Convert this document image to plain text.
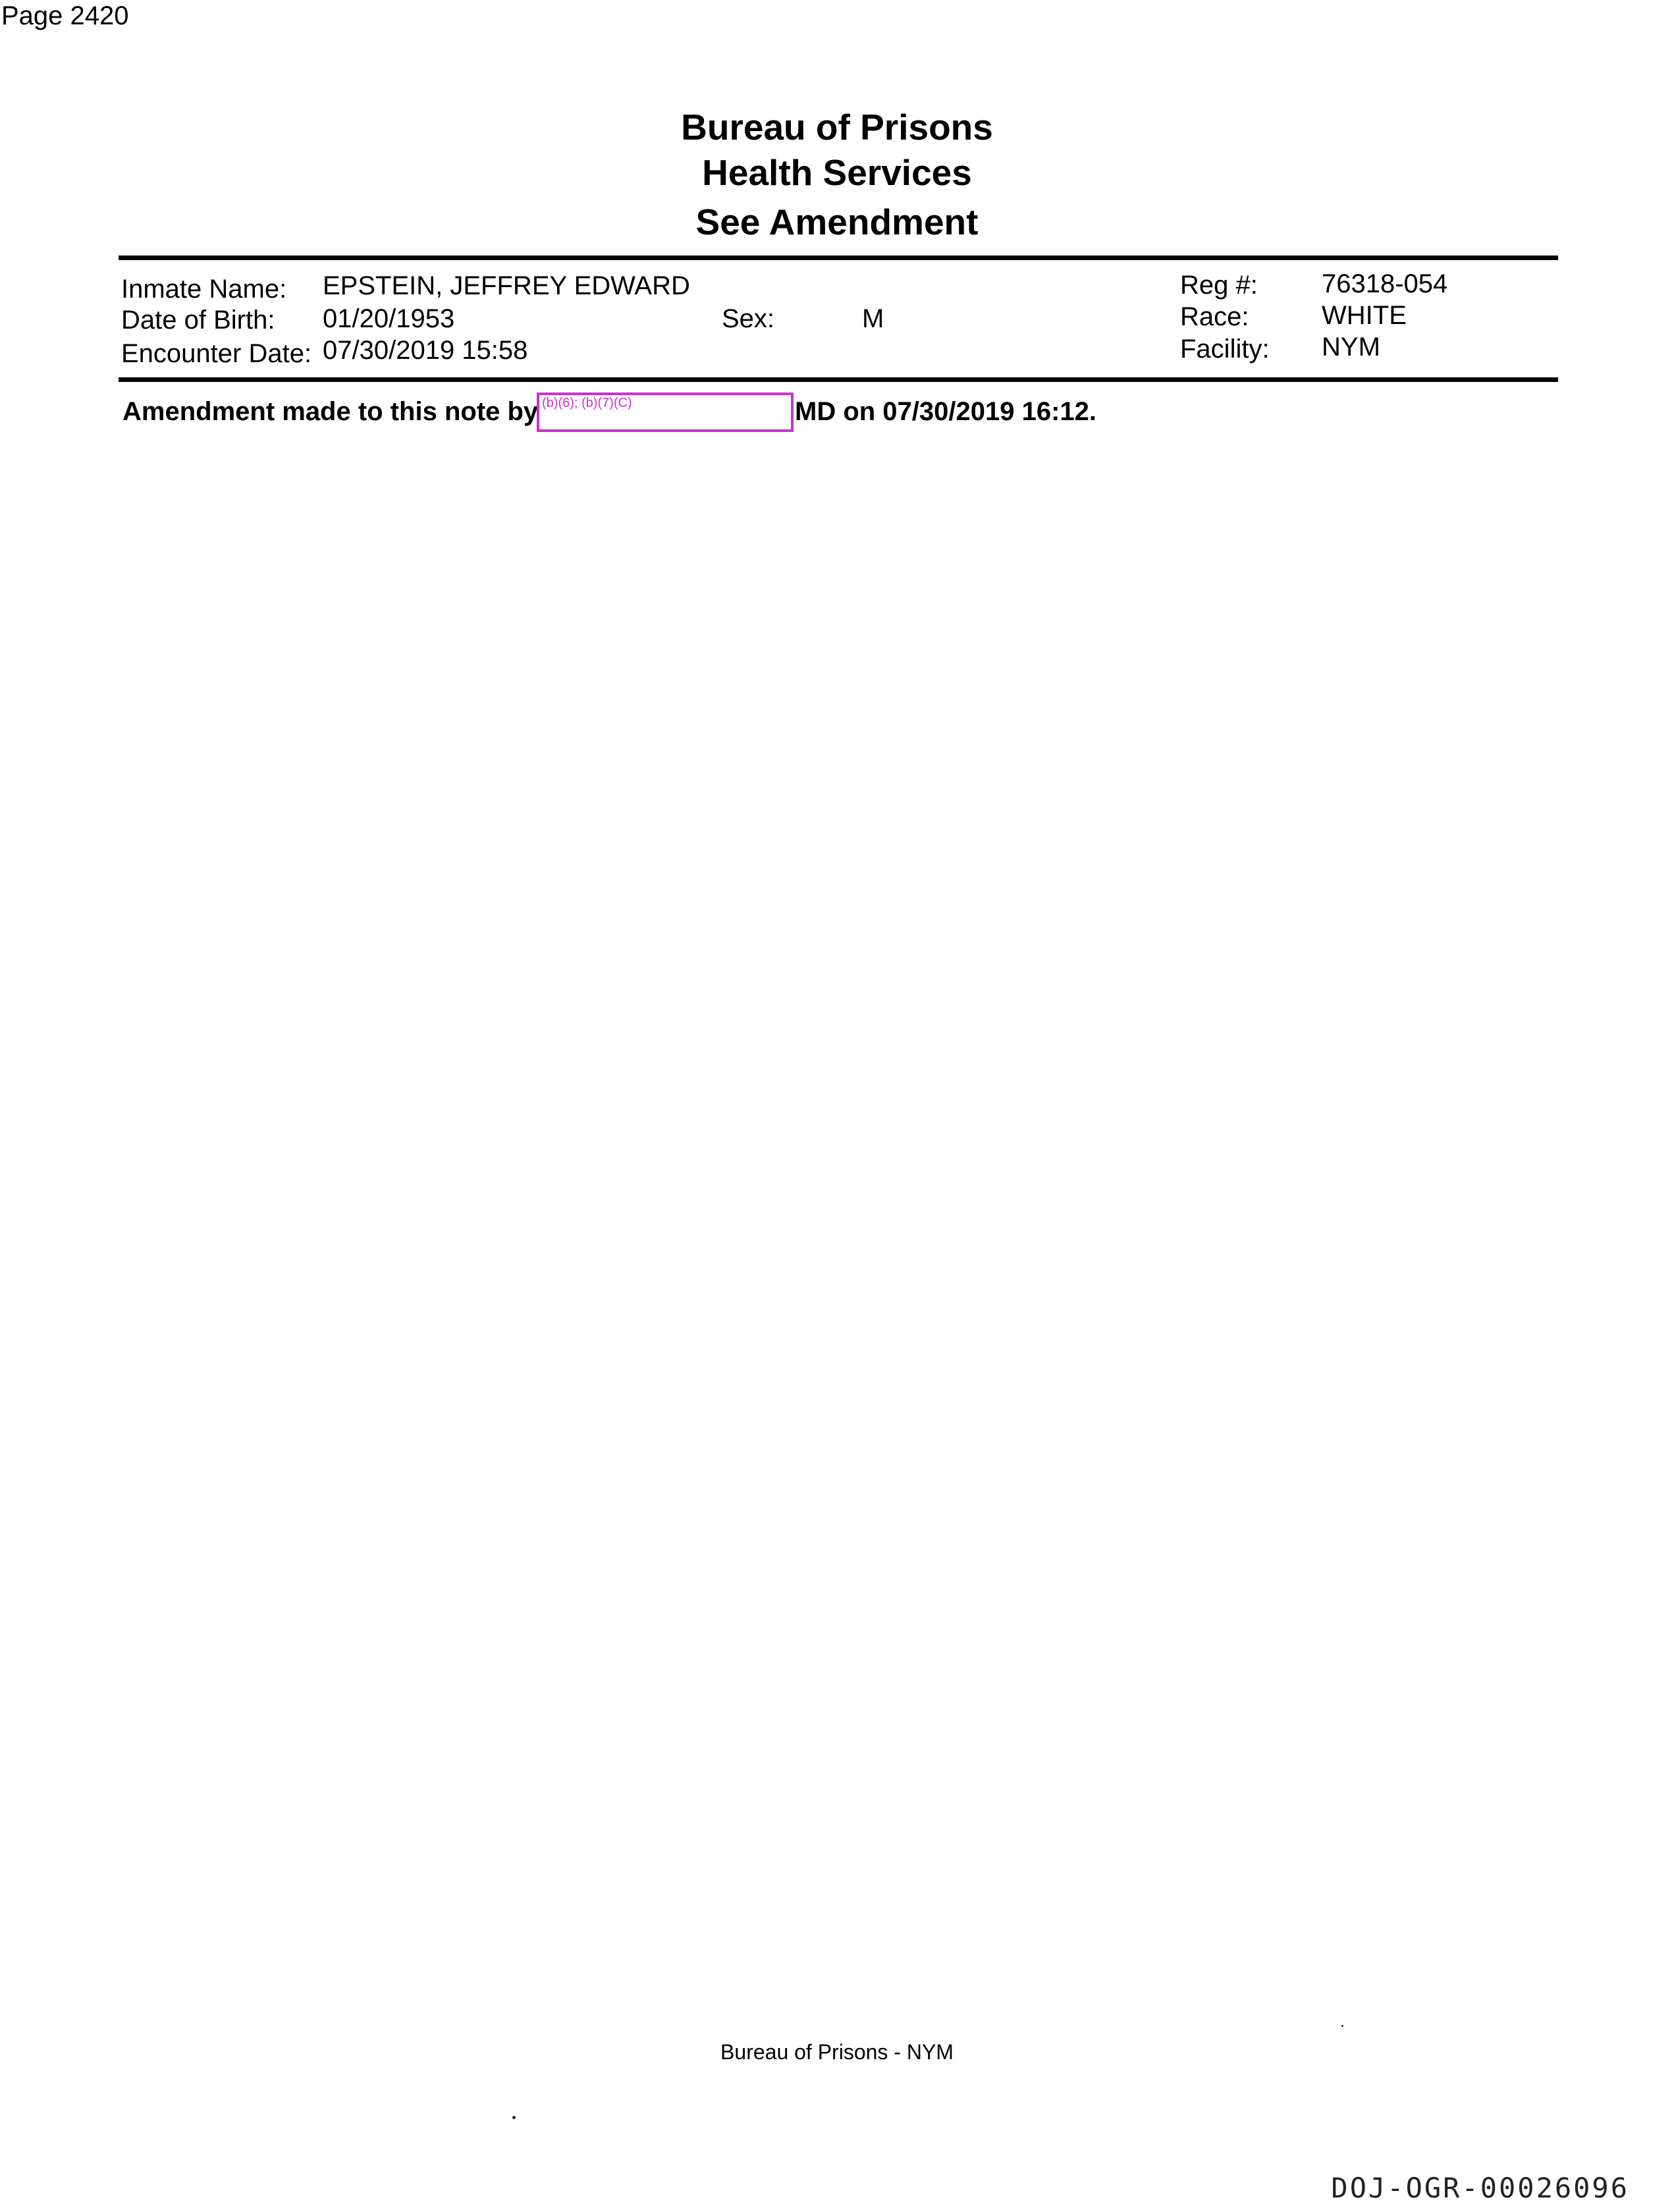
Page 2420
Bureau of Prisons
Health Services
See Amendment
Inmate Name: EPSTEIN, JEFFREY EDWARD
Date of Birth: 01/20/1953
Encounter Date: 07/30/2019 15:58
Sex:	M
Reg #: 76318-054
Race:	WHITE
Facility: NYM
Amendment made to this note by (b)(6); (b)(7)(C)	MD on 07/30/2019 16:12.
Bureau of Prisons - NYM
DOJ-OGR-00026096
